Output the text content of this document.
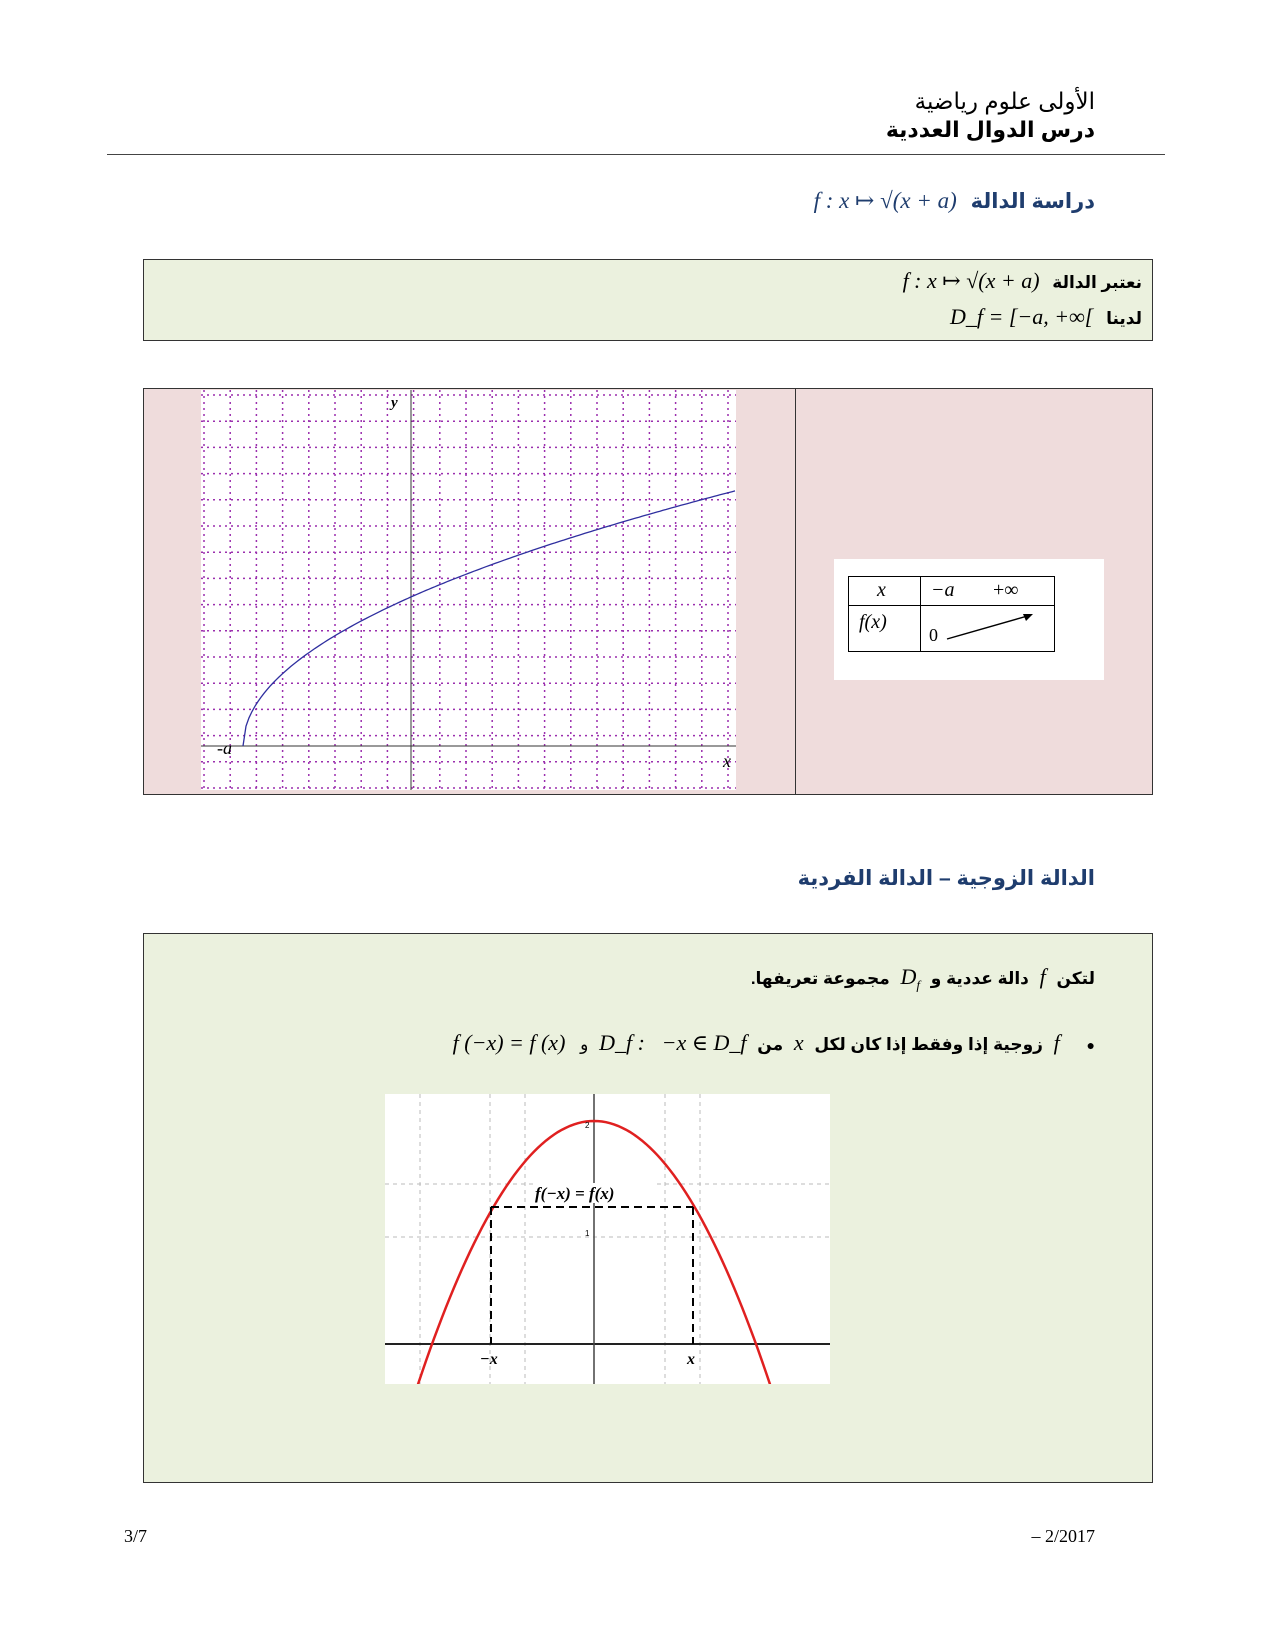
الأولى علوم رياضية
درس الدوال العددية
دراسة الدالة f : x ↦ √(x + a)
نعتبر الدالة f : x ↦ √(x + a)
لدينا D_f = [−a, +∞[
y
x
-a
x −a +∞
f(x)
0
الدالة الزوجية – الدالة الفردية
لتكن f دالة عددية و $D_f$ مجموعة تعريفها.
● f زوجية إذا وفقط إذا كان لكل x من D_f : −x ∈ D_f و f (−x) = f (x)
f(−x) = f(x)
−x	x
1
2
3/7	– 2/2017
